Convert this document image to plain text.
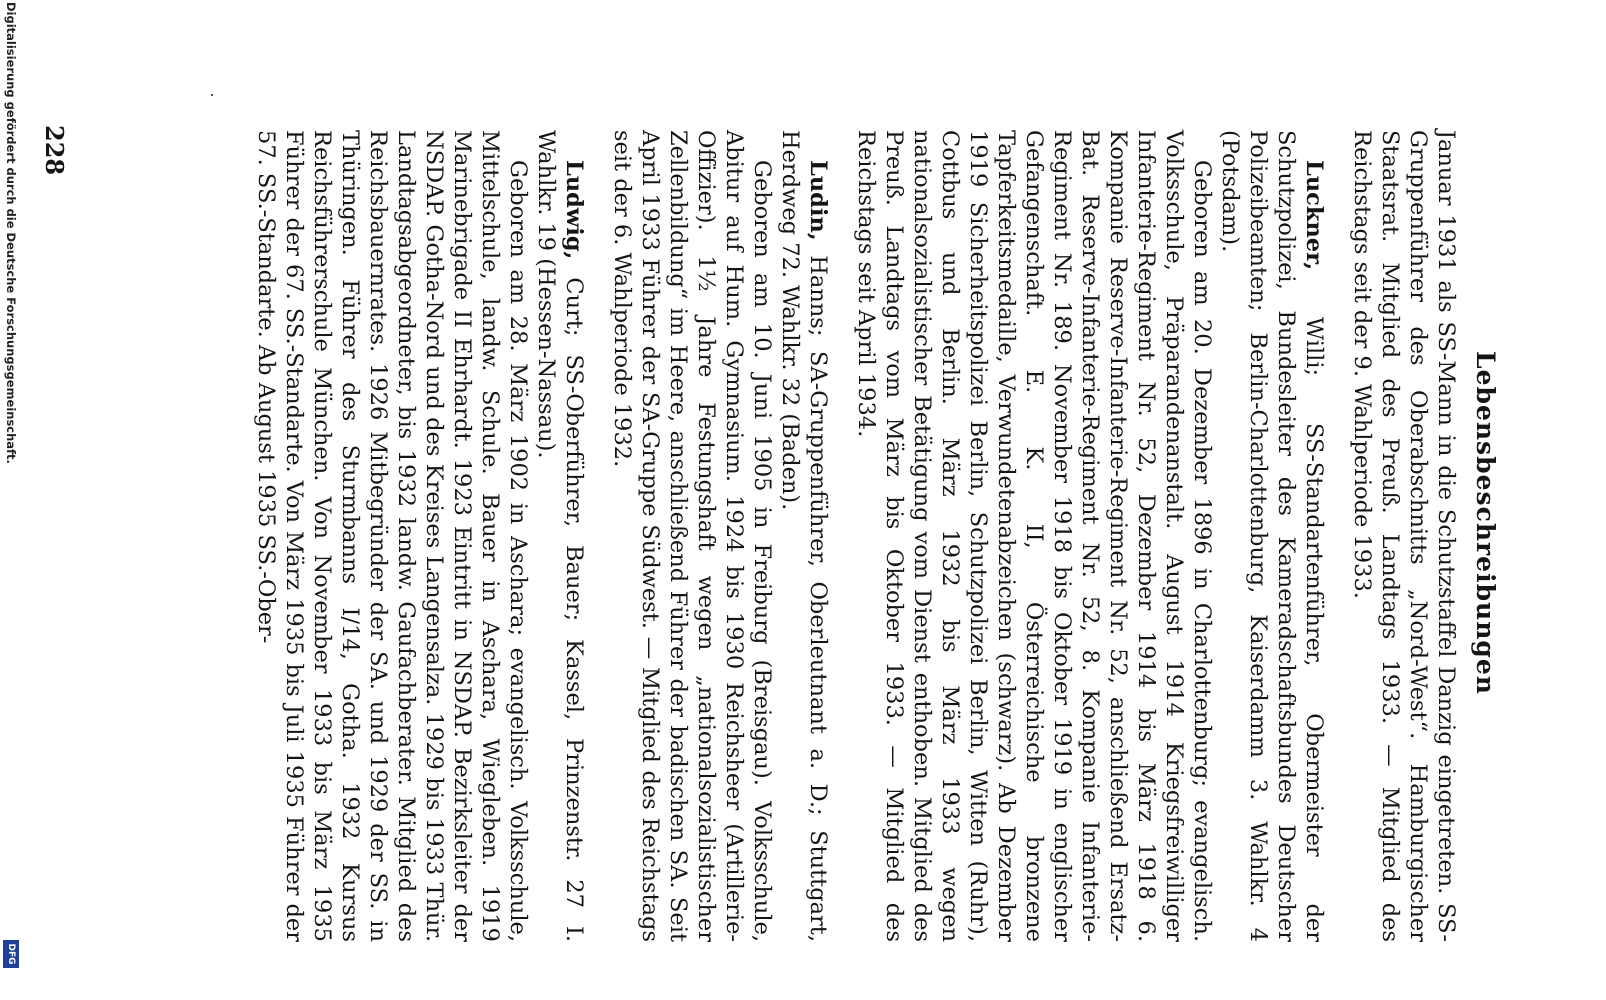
Lebensbeschreibungen

Januar 1931 als SS-Mann in die Schutzstaffel Danzig eingetreten. SS-Gruppenführer des Oberabschnitts „Nord-West“. Hamburgischer Staatsrat. Mitglied des Preuß. Landtags 1933. — Mitglied des Reichstags seit der 9. Wahlperiode 1933.

Luckner, Willi; SS-Standartenführer, Obermeister der Schutzpolizei, Bundesleiter des Kameradschaftsbundes Deutscher Polizeibeamten; Berlin-Charlottenburg, Kaiserdamm 3. Wahlkr. 4 (Potsdam).

Geboren am 20. Dezember 1896 in Charlottenburg; evangelisch. Volksschule, Präparandenanstalt. August 1914 Kriegsfreiwilliger Infanterie-Regiment Nr. 52, Dezember 1914 bis März 1918 6. Kompanie Reserve-Infanterie-Regiment Nr. 52, anschließend Ersatz-Bat. Reserve-Infanterie-Regiment Nr. 52, 8. Kompanie Infanterie-Regiment Nr. 189. November 1918 bis Oktober 1919 in englischer Gefangenschaft. E. K. II, Österreichische bronzene Tapferkeitsmedaille, Verwundetenabzeichen (schwarz). Ab Dezember 1919 Sicherheitspolizei Berlin, Schutzpolizei Berlin, Witten (Ruhr), Cottbus und Berlin. März 1932 bis März 1933 wegen nationalsozialistischer Betätigung vom Dienst enthoben. Mitglied des Preuß. Landtags vom März bis Oktober 1933. — Mitglied des Reichstags seit April 1934.

Ludin, Hanns; SA-Gruppenführer, Oberleutnant a. D.; Stuttgart, Herdweg 72. Wahlkr. 32 (Baden).

Geboren am 10. Juni 1905 in Freiburg (Breisgau). Volksschule, Abitur auf Hum. Gymnasium. 1924 bis 1930 Reichsheer (Artillerie-Offizier). 1½ Jahre Festungshaft wegen „nationalsozialistischer Zellenbildung“ im Heere, anschließend Führer der badischen SA. Seit April 1933 Führer der SA-Gruppe Südwest. — Mitglied des Reichstags seit der 6. Wahlperiode 1932.

Ludwig, Curt; SS-Oberführer, Bauer; Kassel, Prinzenstr. 27 I. Wahlkr. 19 (Hessen-Nassau).

Geboren am 28. März 1902 in Aschara; evangelisch. Volksschule, Mittelschule, landw. Schule. Bauer in Aschara, Wiegleben. 1919 Marinebrigade II Ehrhardt. 1923 Eintritt in NSDAP. Bezirksleiter der NSDAP. Gotha-Nord und des Kreises Langensalza. 1929 bis 1933 Thür. Landtagsabgeordneter, bis 1932 landw. Gaufachberater. Mitglied des Reichsbauernrates. 1926 Mitbegründer der SA. und 1929 der SS. in Thüringen. Führer des Sturmbanns I/14, Gotha. 1932 Kursus Reichsführerschule München. Von November 1933 bis März 1935 Führer der 67. SS.-Standarte. Von März 1935 bis Juli 1935 Führer der 57. SS.-Standarte. Ab August 1935 SS.-Ober-

228
Digitalisierung gefördert durch die Deutsche Forschungsgemeinschaft.
DFG
